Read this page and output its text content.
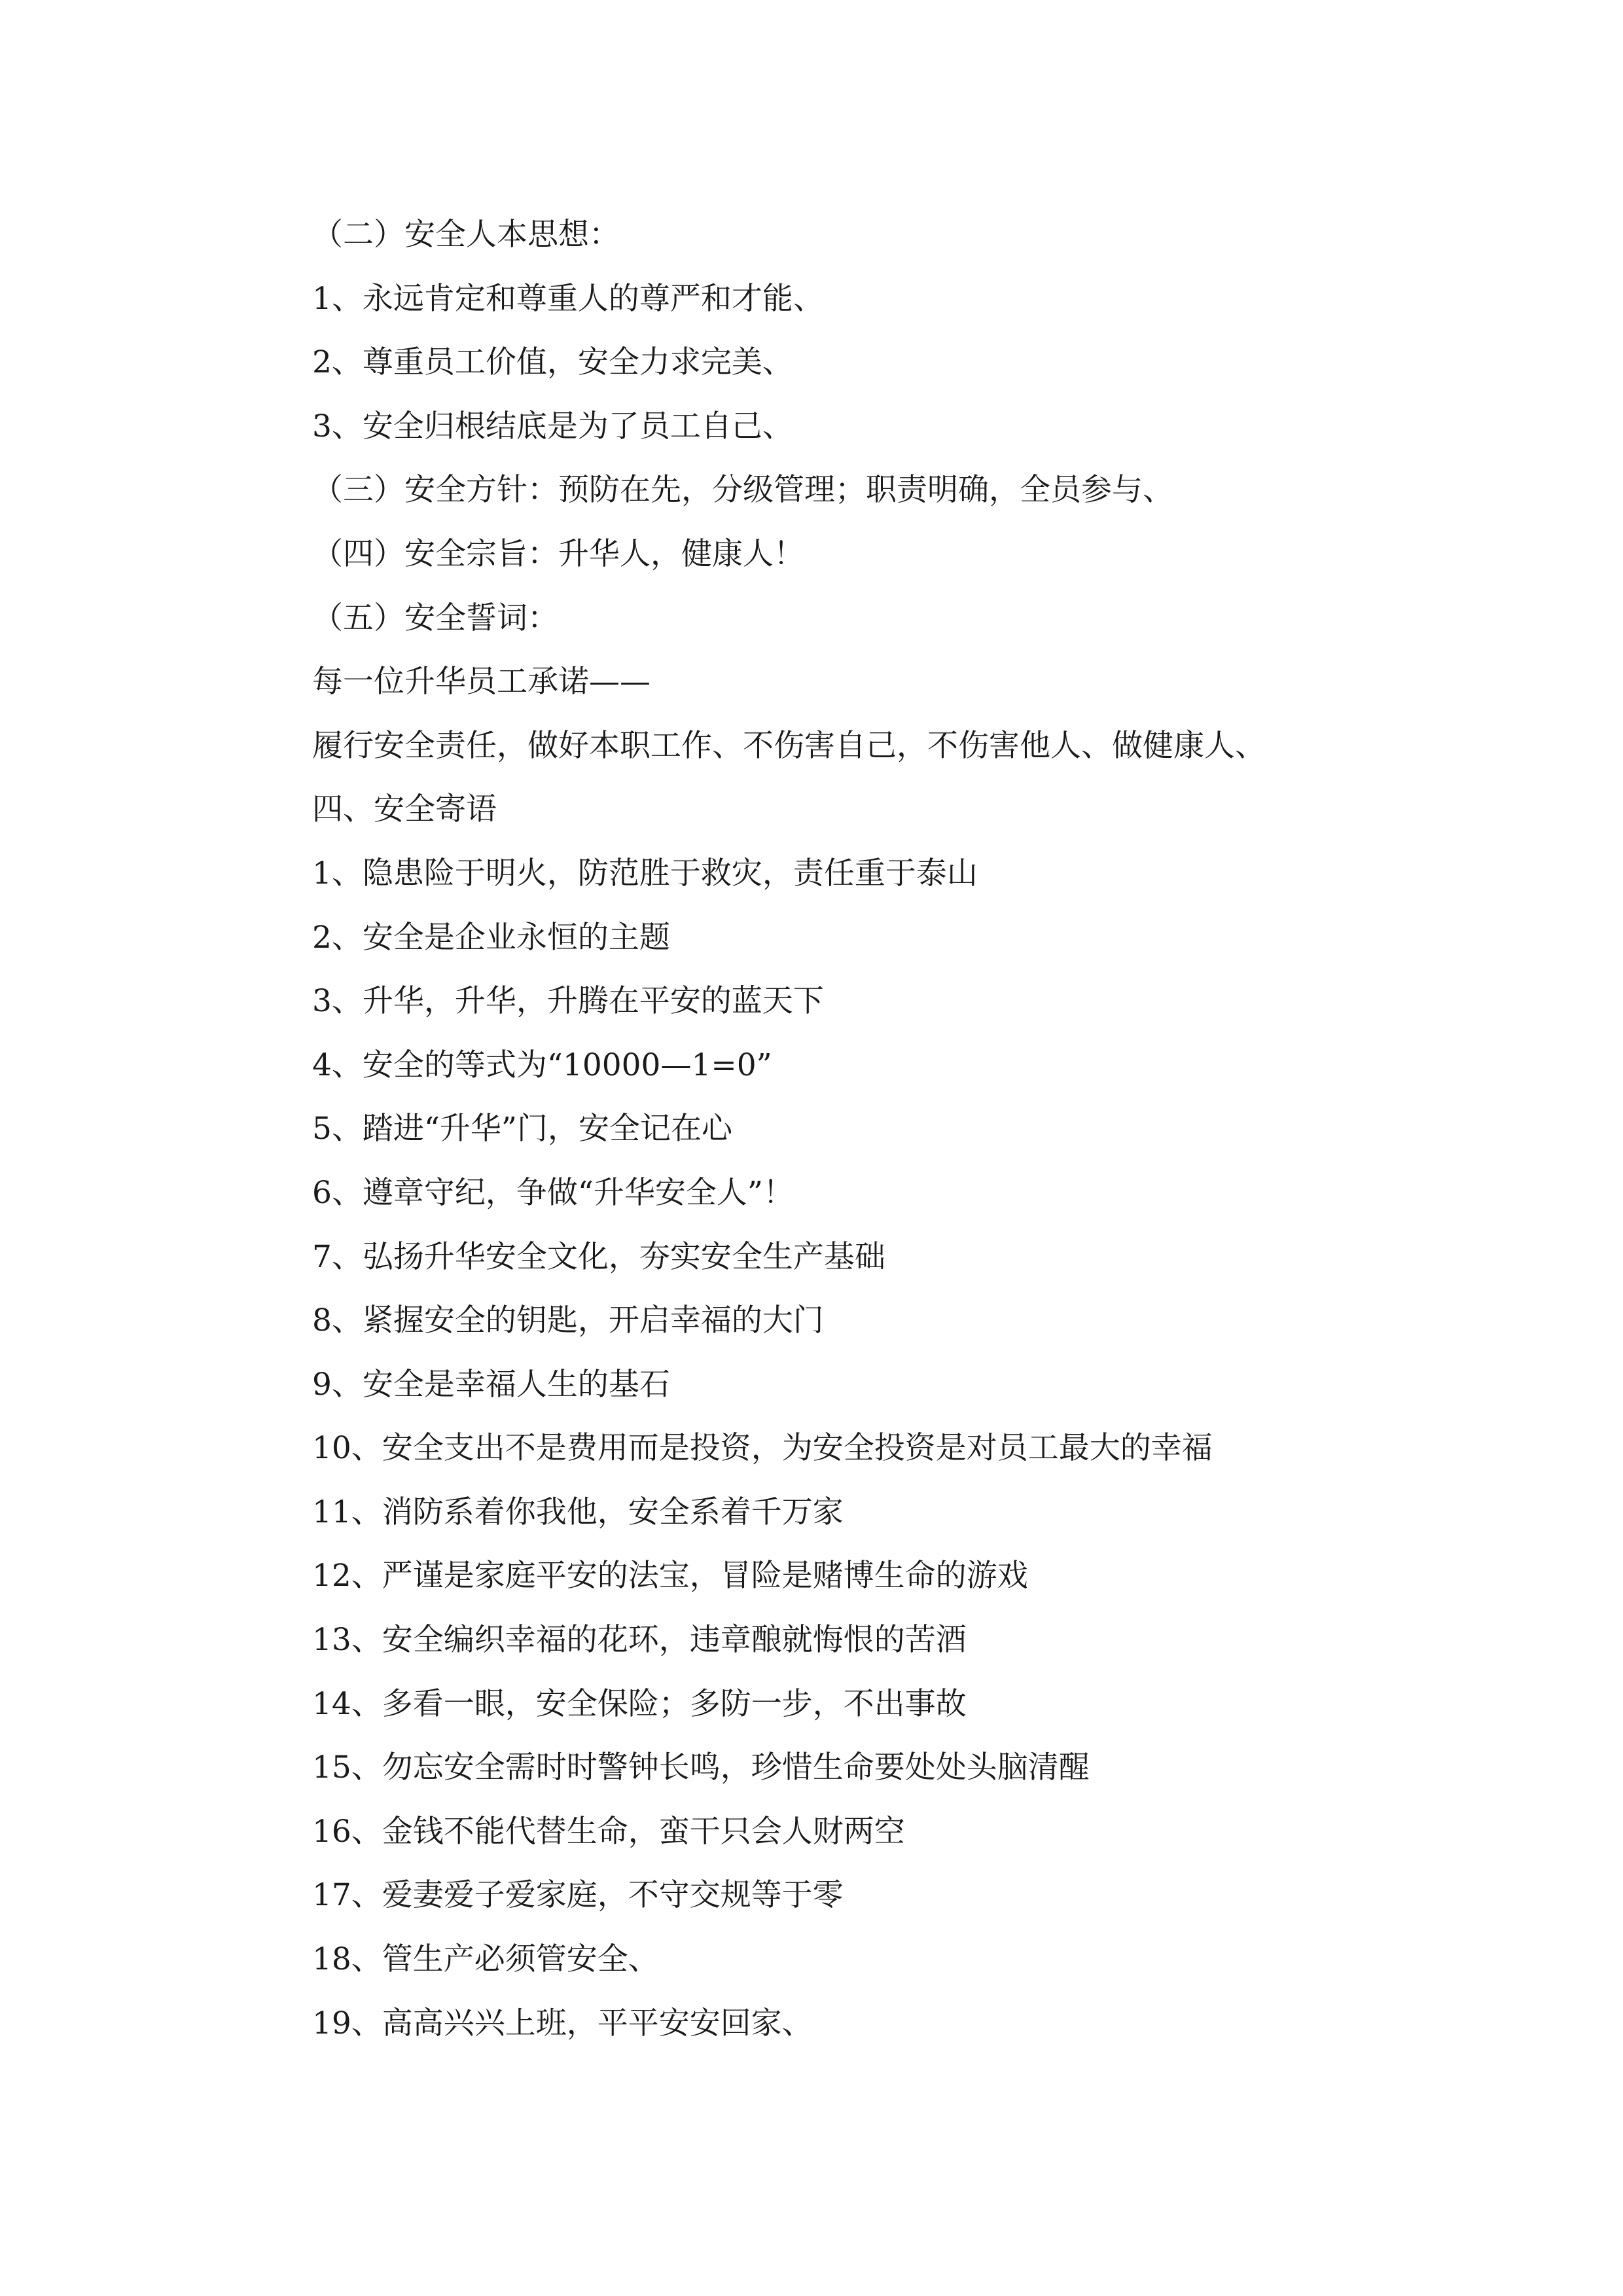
（二）安全人本思想：
1、永远肯定和尊重人的尊严和才能、
2、尊重员工价值，安全力求完美、
3、安全归根结底是为了员工自己、
（三）安全方针：预防在先，分级管理；职责明确，全员参与、
（四）安全宗旨：升华人，健康人！
（五）安全誓词：
每一位升华员工承诺——
履行安全责任，做好本职工作、不伤害自己，不伤害他人、做健康人、
四、安全寄语
1、隐患险于明火，防范胜于救灾，责任重于泰山
2、安全是企业永恒的主题
3、升华，升华，升腾在平安的蓝天下
4、安全的等式为“10000—1=0”
5、踏进“升华”门，安全记在心
6、遵章守纪，争做“升华安全人”！
7、弘扬升华安全文化，夯实安全生产基础
8、紧握安全的钥匙，开启幸福的大门
9、安全是幸福人生的基石
10、安全支出不是费用而是投资，为安全投资是对员工最大的幸福
11、消防系着你我他，安全系着千万家
12、严谨是家庭平安的法宝，冒险是赌博生命的游戏
13、安全编织幸福的花环，违章酿就悔恨的苦酒
14、多看一眼，安全保险；多防一步，不出事故
15、勿忘安全需时时警钟长鸣，珍惜生命要处处头脑清醒
16、金钱不能代替生命，蛮干只会人财两空
17、爱妻爱子爱家庭，不守交规等于零
18、管生产必须管安全、
19、高高兴兴上班，平平安安回家、
